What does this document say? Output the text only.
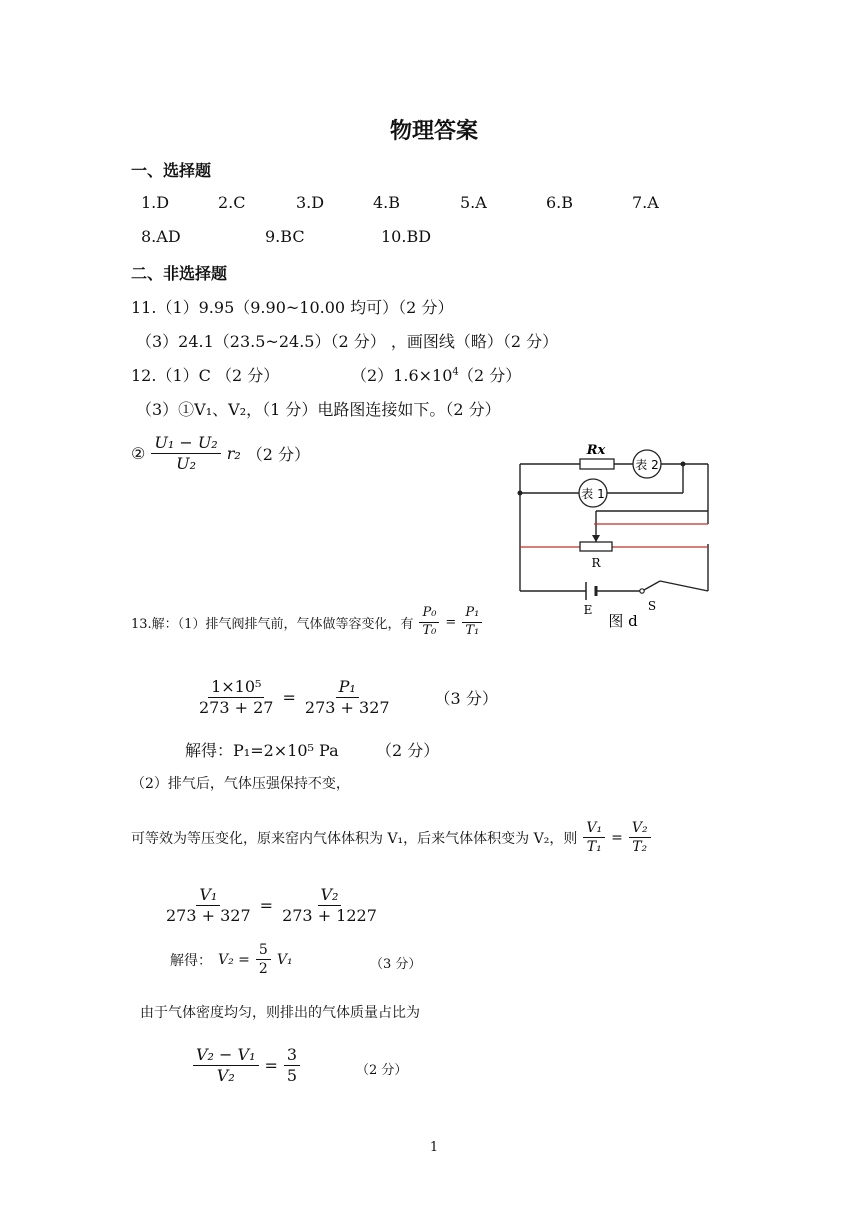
物理答案
一、选择题
1.D	2.C	3.D	4.B	5.A	6.B	7.A
8.AD	9.BC	10.BD
二、非选择题
11.（1）9.95（9.90~10.00 均可）（2 分）
（3）24.1（23.5~24.5）（2 分） ，画图线（略）（2 分）
12.（1）C （2 分）	$(2)1.6\times 10^4$ （2 分）
（3）①V₁、V₂，（1 分）电路图连接如下。（2 分）
② $\frac{\text{U₁ − U₂}}{\text{U₂}} r_2$ （2 分）	Rx
表 2
表 1
R
E	S
图 d
13.解：（1）排气阀排气前，气体做等容变化，有 $\frac{\text{P₀}}{\text{T₀}} = \frac{\text{P₁}}{\text{T₁}}$
$\frac{\text{1×10⁵}}{273 + 27} = \frac{\text{P₁}}{273 + 327}$	（3 分）
解得：P₁=2×10⁵ Pa （2 分）
（2）排气后，气体压强保持不变，
可等效为等压变化，原来窑内气体体积为 V₁，后来气体体积变为 V₂，则 $\frac{\text{V₁}}{\text{T₁}} = \frac{\text{V₂}}{\text{T₂}}$
$\frac{\text{V₁}}{273 + 327} = \frac{\text{V₂}}{273 + 1227}$
解得： $V_2 = \frac{5}{2} V_1$	（3 分）
由于气体密度均匀，则排出的气体质量占比为
$\frac{\text{V₂ − V₁}}{\text{V₂}} = \frac{3}{5}$	（2 分）
1
